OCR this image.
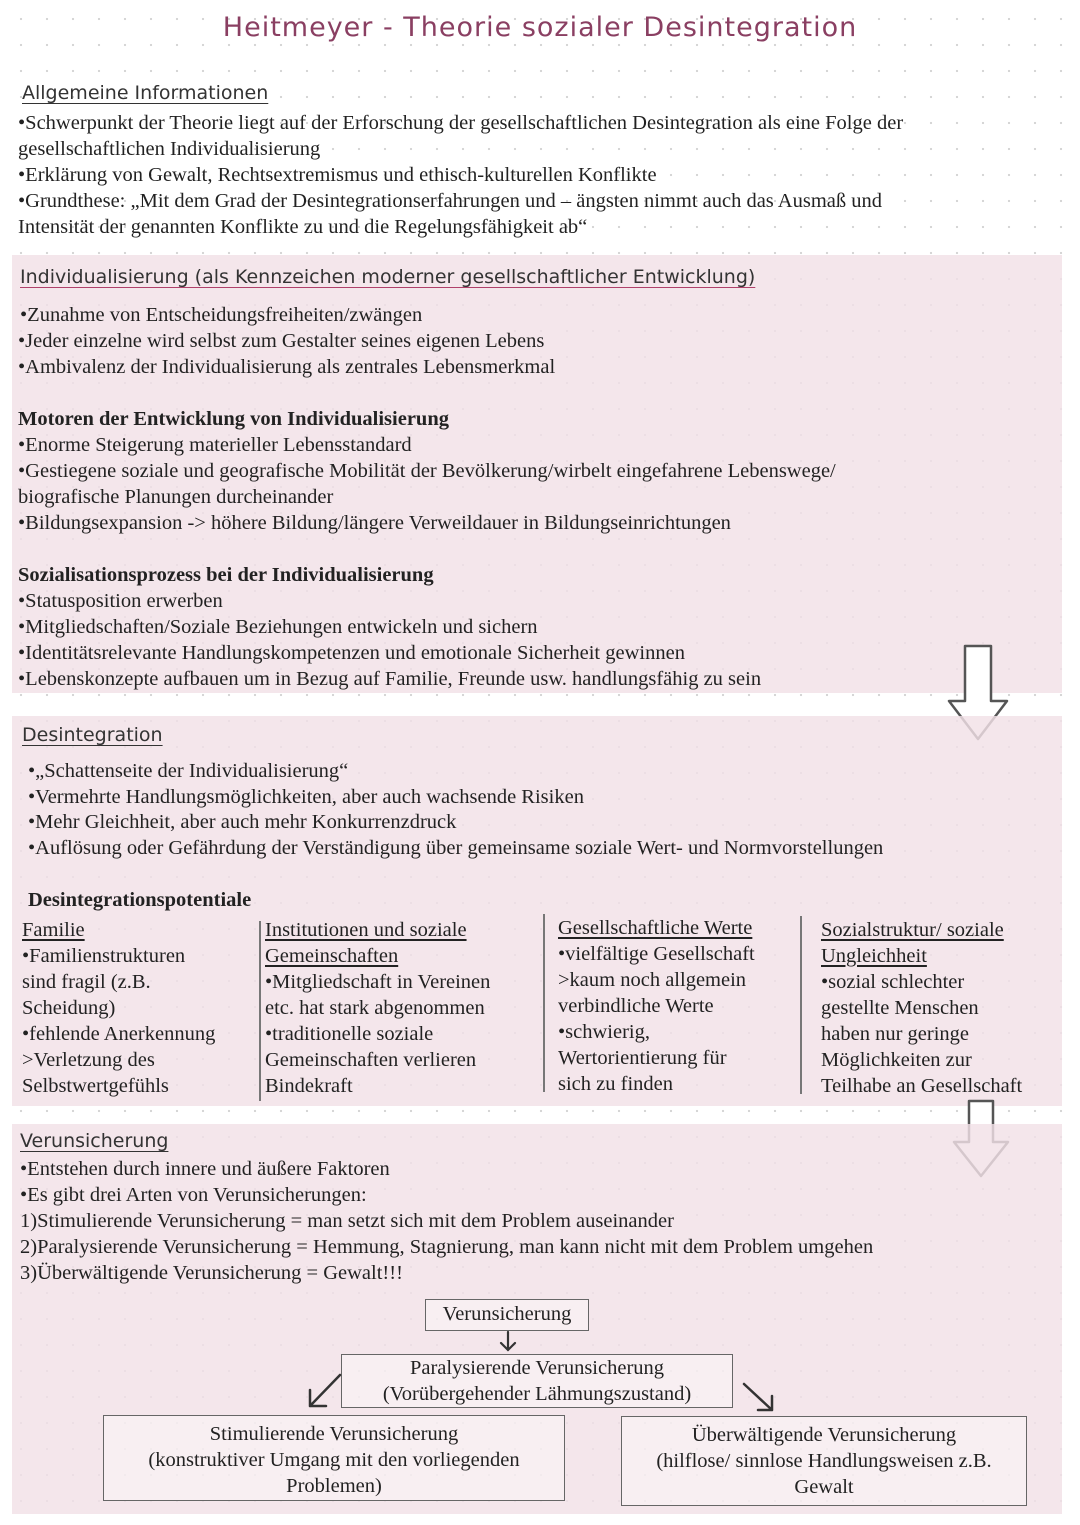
Heitmeyer - Theorie sozialer Desintegration
Allgemeine Informationen
•Schwerpunkt der Theorie liegt auf der Erforschung der gesellschaftlichen Desintegration als eine Folge der
gesellschaftlichen Individualisierung
•Erklärung von Gewalt, Rechtsextremismus und ethisch-kulturellen Konflikte
•Grundthese: „Mit dem Grad der Desintegrationserfahrungen und – ängsten nimmt auch das Ausmaß und
Intensität der genannten Konflikte zu und die Regelungsfähigkeit ab“
Individualisierung (als Kennzeichen moderner gesellschaftlicher Entwicklung)
•Zunahme von Entscheidungsfreiheiten/zwängen
•Jeder einzelne wird selbst zum Gestalter seines eigenen Lebens
•Ambivalenz der Individualisierung als zentrales Lebensmerkmal
Motoren der Entwicklung von Individualisierung
•Enorme Steigerung materieller Lebensstandard
•Gestiegene soziale und geografische Mobilität der Bevölkerung/wirbelt eingefahrene Lebenswege/
biografische Planungen durcheinander
•Bildungsexpansion -> höhere Bildung/längere Verweildauer in Bildungseinrichtungen
Sozialisationsprozess bei der Individualisierung
•Statusposition erwerben
•Mitgliedschaften/Soziale Beziehungen entwickeln und sichern
•Identitätsrelevante Handlungskompetenzen und emotionale Sicherheit gewinnen
•Lebenskonzepte aufbauen um in Bezug auf Familie, Freunde usw. handlungsfähig zu sein
Desintegration
•„Schattenseite der Individualisierung“
•Vermehrte Handlungsmöglichkeiten, aber auch wachsende Risiken
•Mehr Gleichheit, aber auch mehr Konkurrenzdruck
•Auflösung oder Gefährdung der Verständigung über gemeinsame soziale Wert- und Normvorstellungen
Desintegrationspotentiale
Familie
•Familienstrukturen
sind fragil (z.B.
Scheidung)
•fehlende Anerkennung
>Verletzung des
Selbstwertgefühls
Institutionen und soziale
Gemeinschaften
•Mitgliedschaft in Vereinen
etc. hat stark abgenommen
•traditionelle soziale
Gemeinschaften verlieren
Bindekraft
Gesellschaftliche Werte
•vielfältige Gesellschaft
>kaum noch allgemein
verbindliche Werte
•schwierig,
Wertorientierung für
sich zu finden
Sozialstruktur/ soziale
Ungleichheit
•sozial schlechter
gestellte Menschen
haben nur geringe
Möglichkeiten zur
Teilhabe an Gesellschaft
Verunsicherung
•Entstehen durch innere und äußere Faktoren
•Es gibt drei Arten von Verunsicherungen:
1)Stimulierende Verunsicherung = man setzt sich mit dem Problem auseinander
2)Paralysierende Verunsicherung = Hemmung, Stagnierung, man kann nicht mit dem Problem umgehen
3)Überwältigende Verunsicherung = Gewalt!!!
Verunsicherung
Paralysierende Verunsicherung
(Vorübergehender Lähmungszustand)
Stimulierende Verunsicherung
(konstruktiver Umgang mit den vorliegenden
Problemen)
Überwältigende Verunsicherung
(hilflose/ sinnlose Handlungsweisen z.B.
Gewalt
